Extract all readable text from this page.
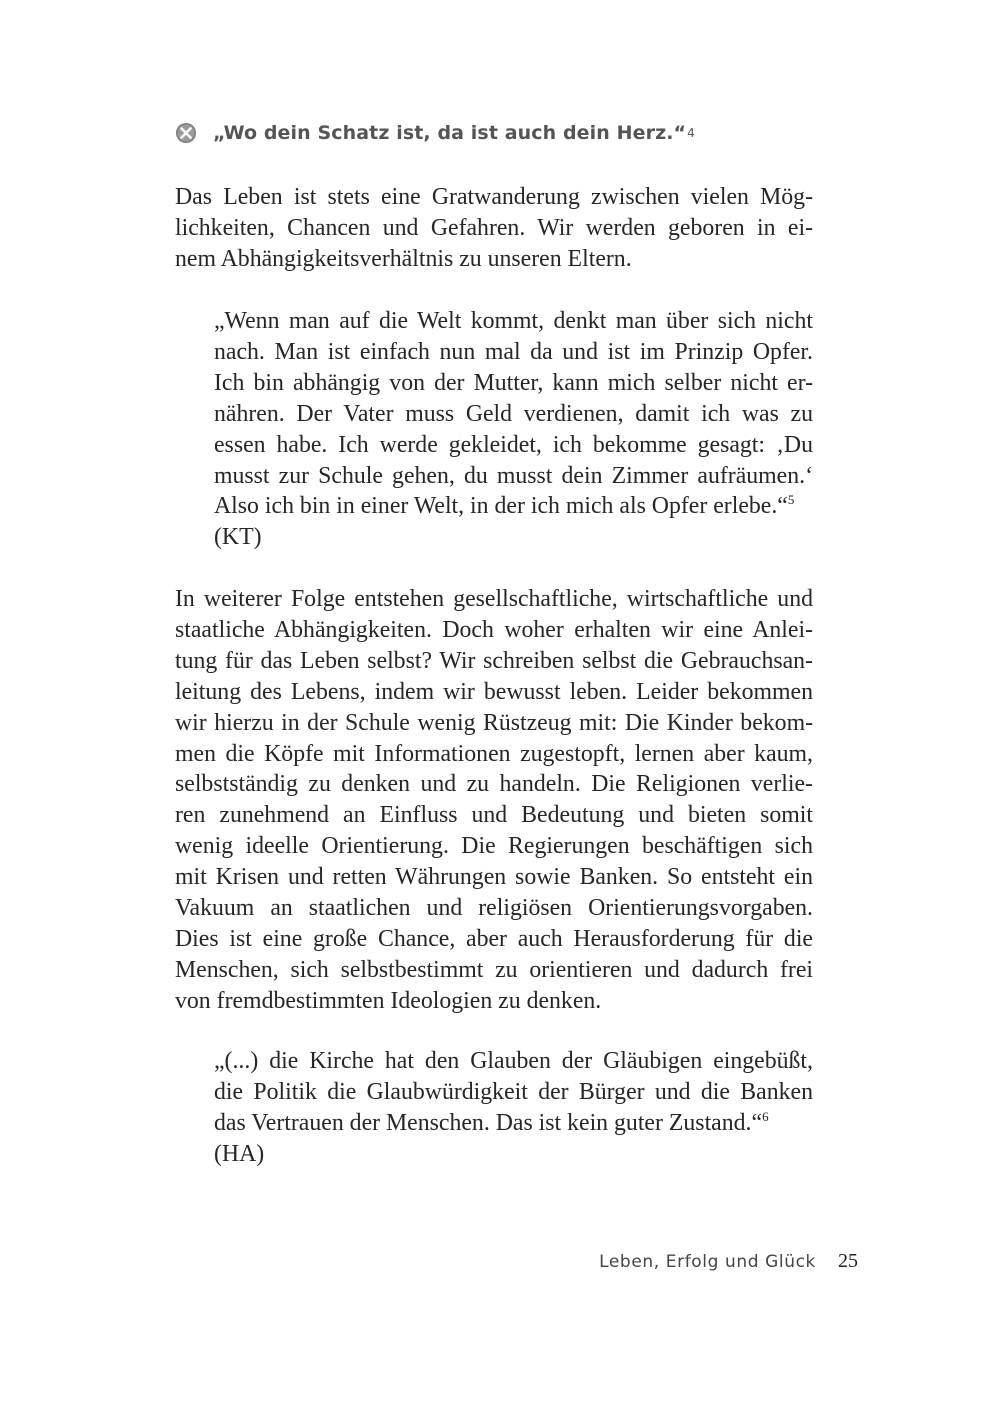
„Wo dein Schatz ist, da ist auch dein Herz.“ 4
Das Leben ist stets eine Gratwanderung zwischen vielen Mög-
lichkeiten, Chancen und Gefahren. Wir werden geboren in ei-
nem Abhängigkeitsverhältnis zu unseren Eltern.
„Wenn man auf die Welt kommt, denkt man über sich nicht
nach. Man ist einfach nun mal da und ist im Prinzip Opfer.
Ich bin abhängig von der Mutter, kann mich selber nicht er-
nähren. Der Vater muss Geld verdienen, damit ich was zu
essen habe. Ich werde gekleidet, ich bekomme gesagt: ‚Du
musst zur Schule gehen, du musst dein Zimmer aufräumen.‘
Also ich bin in einer Welt, in der ich mich als Opfer erlebe.“$^5$
(KT)
In weiterer Folge entstehen gesellschaftliche, wirtschaftliche und
staatliche Abhängigkeiten. Doch woher erhalten wir eine Anlei-
tung für das Leben selbst? Wir schreiben selbst die Gebrauchsan-
leitung des Lebens, indem wir bewusst leben. Leider bekommen
wir hierzu in der Schule wenig Rüstzeug mit: Die Kinder bekom-
men die Köpfe mit Informationen zugestopft, lernen aber kaum,
selbstständig zu denken und zu handeln. Die Religionen verlie-
ren zunehmend an Einfluss und Bedeutung und bieten somit
wenig ideelle Orientierung. Die Regierungen beschäftigen sich
mit Krisen und retten Währungen sowie Banken. So entsteht ein
Vakuum an staatlichen und religiösen Orientierungsvorgaben.
Dies ist eine große Chance, aber auch Herausforderung für die
Menschen, sich selbstbestimmt zu orientieren und dadurch frei
von fremdbestimmten Ideologien zu denken.
„(...) die Kirche hat den Glauben der Gläubigen eingebüßt,
die Politik die Glaubwürdigkeit der Bürger und die Banken
das Vertrauen der Menschen. Das ist kein guter Zustand.“$^6$
(HA)
Leben, Erfolg und Glück 25
